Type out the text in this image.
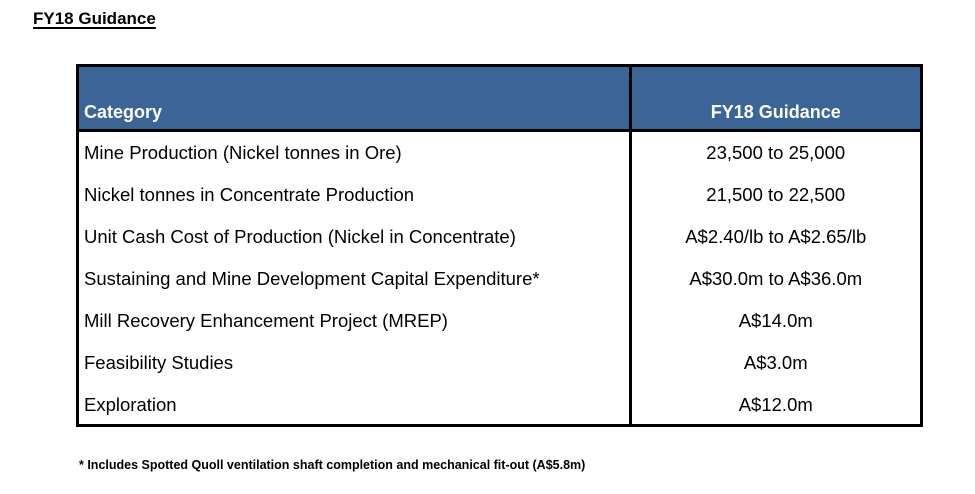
FY18 Guidance
Category	FY18 Guidance
Mine Production (Nickel tonnes in Ore)	23,500 to 25,000
Nickel tonnes in Concentrate Production	21,500 to 22,500
Unit Cash Cost of Production (Nickel in Concentrate)	A$2.40/lb to A$2.65/lb
Sustaining and Mine Development Capital Expenditure*	A$30.0m to A$36.0m
Mill Recovery Enhancement Project (MREP)	A$14.0m
Feasibility Studies	A$3.0m
Exploration	A$12.0m
* Includes Spotted Quoll ventilation shaft completion and mechanical fit-out (A$5.8m)
